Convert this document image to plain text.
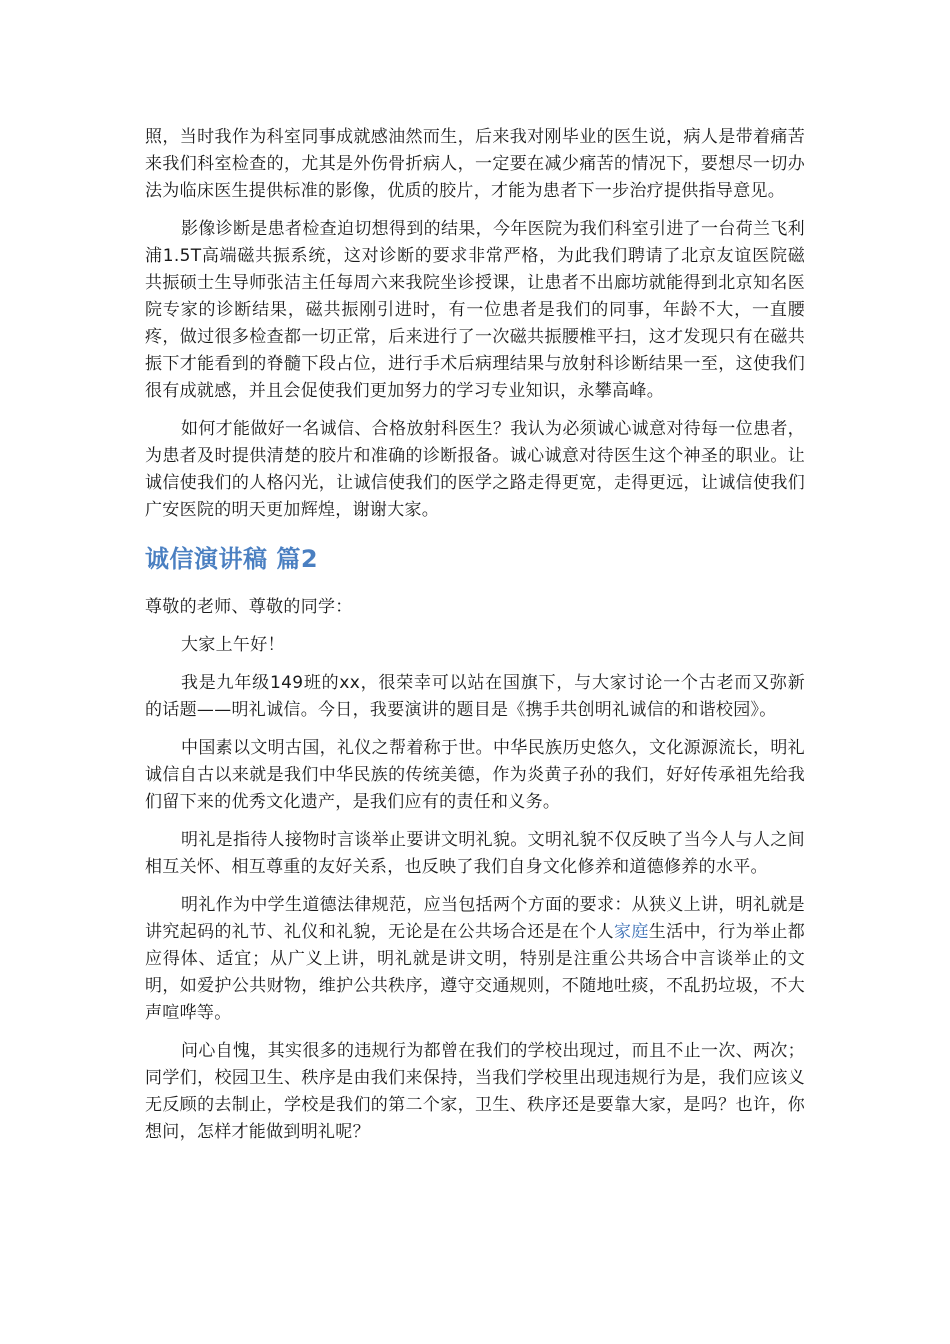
照，当时我作为科室同事成就感油然而生，后来我对刚毕业的医生说，病人是带着痛苦来我们科室检查的，尤其是外伤骨折病人，一定要在减少痛苦的情况下，要想尽一切办法为临床医生提供标准的影像，优质的胶片，才能为患者下一步治疗提供指导意见。

影像诊断是患者检查迫切想得到的结果，今年医院为我们科室引进了一台荷兰飞利浦1.5T高端磁共振系统，这对诊断的要求非常严格，为此我们聘请了北京友谊医院磁共振硕士生导师张洁主任每周六来我院坐诊授课，让患者不出廊坊就能得到北京知名医院专家的诊断结果，磁共振刚引进时，有一位患者是我们的同事，年龄不大，一直腰疼，做过很多检查都一切正常，后来进行了一次磁共振腰椎平扫，这才发现只有在磁共振下才能看到的脊髓下段占位，进行手术后病理结果与放射科诊断结果一至，这使我们很有成就感，并且会促使我们更加努力的学习专业知识，永攀高峰。

如何才能做好一名诚信、合格放射科医生？我认为必须诚心诚意对待每一位患者，为患者及时提供清楚的胶片和准确的诊断报备。诚心诚意对待医生这个神圣的职业。让诚信使我们的人格闪光，让诚信使我们的医学之路走得更宽，走得更远，让诚信使我们广安医院的明天更加辉煌，谢谢大家。

诚信演讲稿 篇2

尊敬的老师、尊敬的同学：

大家上午好！

我是九年级149班的xx，很荣幸可以站在国旗下，与大家讨论一个古老而又弥新的话题——明礼诚信。今日，我要演讲的题目是《携手共创明礼诚信的和谐校园》。

中国素以文明古国，礼仪之帮着称于世。中华民族历史悠久，文化源源流长，明礼诚信自古以来就是我们中华民族的传统美德，作为炎黄子孙的我们，好好传承祖先给我们留下来的优秀文化遗产，是我们应有的责任和义务。

明礼是指待人接物时言谈举止要讲文明礼貌。文明礼貌不仅反映了当今人与人之间相互关怀、相互尊重的友好关系，也反映了我们自身文化修养和道德修养的水平。

明礼作为中学生道德法律规范，应当包括两个方面的要求：从狭义上讲，明礼就是讲究起码的礼节、礼仪和礼貌，无论是在公共场合还是在个人家庭生活中，行为举止都应得体、适宜；从广义上讲，明礼就是讲文明，特别是注重公共场合中言谈举止的文明，如爱护公共财物，维护公共秩序，遵守交通规则，不随地吐痰，不乱扔垃圾，不大声喧哗等。

问心自愧，其实很多的违规行为都曾在我们的学校出现过，而且不止一次、两次；同学们，校园卫生、秩序是由我们来保持，当我们学校里出现违规行为是，我们应该义无反顾的去制止，学校是我们的第二个家，卫生、秩序还是要靠大家，是吗？也许，你想问，怎样才能做到明礼呢？
